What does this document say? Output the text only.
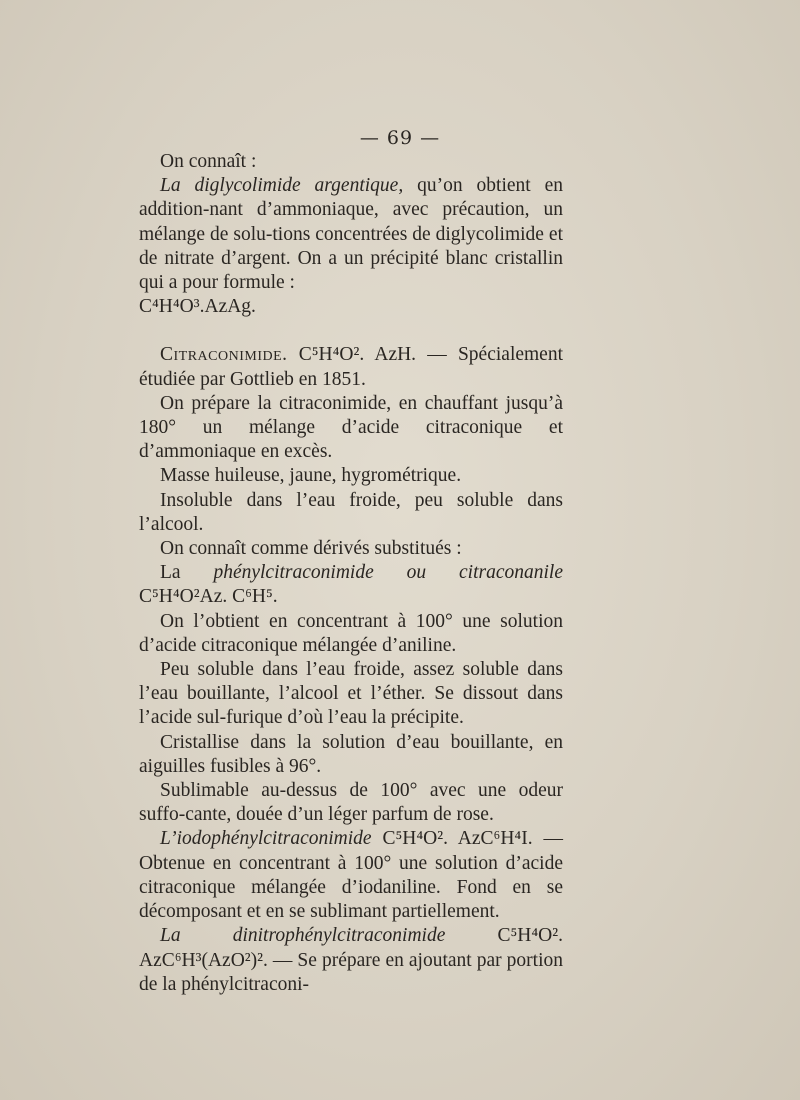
— 69 —

On connaît :

La diglycolimide argentique, qu’on obtient en addition-nant d’ammoniaque, avec précaution, un mélange de solu-tions concentrées de diglycolimide et de nitrate d’argent. On a un précipité blanc cristallin qui a pour formule :

C⁴H⁴O³.AzAg.

Citraconimide. C⁵H⁴O². AzH. — Spécialement étudiée par Gottlieb en 1851.

On prépare la citraconimide, en chauffant jusqu’à 180° un mélange d’acide citraconique et d’ammoniaque en excès.

Masse huileuse, jaune, hygrométrique.

Insoluble dans l’eau froide, peu soluble dans l’alcool.

On connaît comme dérivés substitués :

La phénylcitraconimide ou citraconanile C⁵H⁴O²Az. C⁶H⁵.

On l’obtient en concentrant à 100° une solution d’acide citraconique mélangée d’aniline.

Peu soluble dans l’eau froide, assez soluble dans l’eau bouillante, l’alcool et l’éther. Se dissout dans l’acide sul-furique d’où l’eau la précipite.

Cristallise dans la solution d’eau bouillante, en aiguilles fusibles à 96°.

Sublimable au-dessus de 100° avec une odeur suffo-cante, douée d’un léger parfum de rose.

L’iodophénylcitraconimide C⁵H⁴O². AzC⁶H⁴I. — Obtenue en concentrant à 100° une solution d’acide citraconique mélangée d’iodaniline. Fond en se décomposant et en se sublimant partiellement.

La dinitrophénylcitraconimide C⁵H⁴O². AzC⁶H³(AzO²)². — Se prépare en ajoutant par portion de la phénylcitraconi-
